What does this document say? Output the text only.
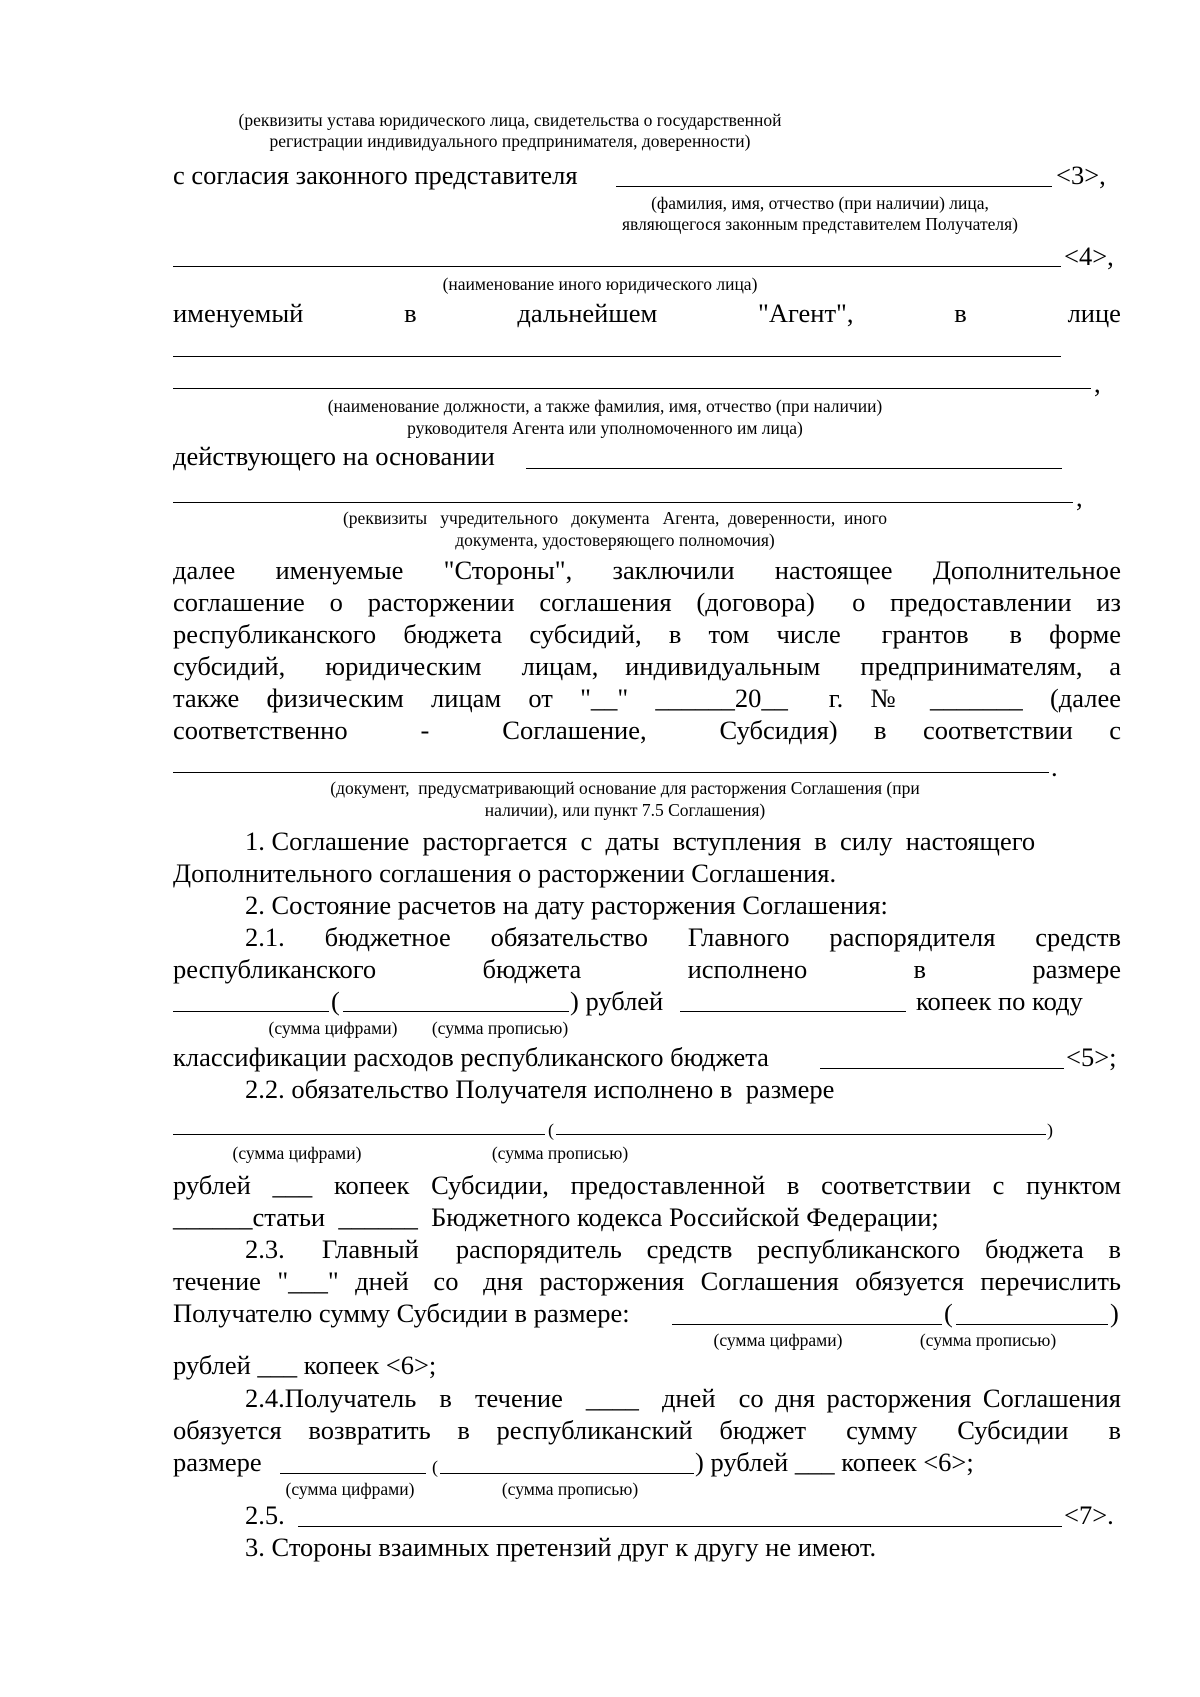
(реквизиты устава юридического лица, свидетельства о государственной
регистрации индивидуального предпринимателя, доверенности)
с согласия законного представителя	<3>,
(фамилия, имя, отчество (при наличии) лица,
являющегося законным представителем Получателя)
<4>,
(наименование иного юридического лица)
именуемый	в	дальнейшем	"Агент",	в	лице
,
(наименование должности, а также фамилия, имя, отчество (при наличии)
руководителя Агента или уполномоченного им лица)
действующего на основании
,
(реквизиты   учредительного   документа   Агента,  доверенности,  иного
документа, удостоверяющего полномочия)
далее   именуемые   "Стороны",   заключили   настоящее   Дополнительное
соглашение  о  расторжении  соглашения  (договора)   о  предоставлении  из
республиканского  бюджета  субсидий,  в  том  числе   грантов   в  форме
субсидий,   юридическим   лицам,  индивидуальным   предпринимателям,  а
также  физическим  лицам  от  "__"  ______20__   г.  №  _______  (далее
соответственно      -      Соглашение,      Субсидия)   в   соответствии   с
.
(документ,  предусматривающий основание для расторжения Соглашения (при
наличии), или пункт 7.5 Соглашения)
1. Соглашение  расторгается  с  даты  вступления  в  силу  настоящего
Дополнительного соглашения о расторжении Соглашения.
2. Состояние расчетов на дату расторжения Соглашения:
2.1.   бюджетное   обязательство   Главного   распорядителя   средств
республиканского	бюджета	исполнено	в	размере
(	) рублей	копеек по коду
(сумма цифрами)	(сумма прописью)
классификации расходов республиканского бюджета	<5>;
2.2. обязательство Получателя исполнено в  размере
(	)
(сумма цифрами)	(сумма прописью)
рублей  ___  копеек  Субсидии,  предоставленной  в  соответствии  с  пунктом
______статьи  ______  Бюджетного кодекса Российской Федерации;
2.3.   Главный   распорядитель  средств  республиканского  бюджета  в
течение  "___"  дней   со   дня  расторжения  Соглашения  обязуется  перечислить
Получателю сумму Субсидии в размере:	(	)
(сумма цифрами)	(сумма прописью)
рублей ___ копеек <6>;
2.4.Получатель  в  течение  ____  дней  со дня расторжения Соглашения
обязуется  возвратить  в  республиканский  бюджет   сумму   Субсидии   в
размере	(	) рублей ___ копеек <6>;
(сумма цифрами)	(сумма прописью)
2.5.	<7>.
3. Стороны взаимных претензий друг к другу не имеют.
